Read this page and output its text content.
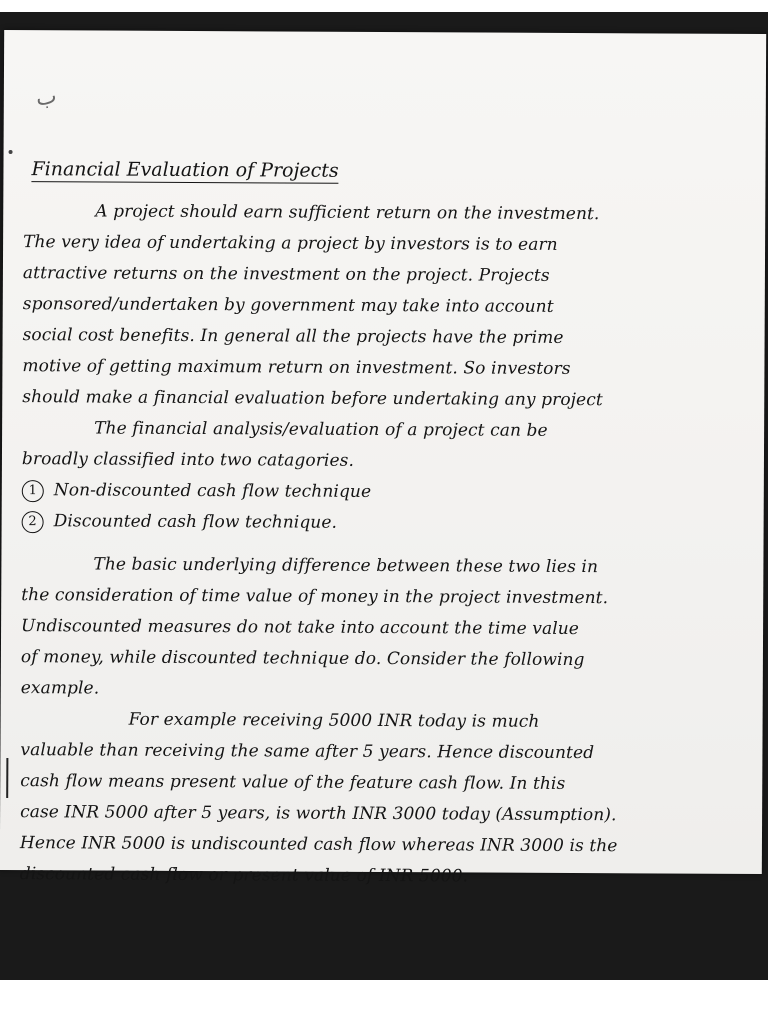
ب
Financial Evaluation of Projects
A project should earn sufficient return on the investment.
The very idea of undertaking a project by investors is to earn
attractive returns on the investment on the project. Projects
sponsored/undertaken by government may take into account
social cost benefits. In general all the projects have the prime
motive of getting maximum return on investment. So investors
should make a financial evaluation before undertaking any project
The financial analysis/evaluation of a project can be
broadly classified into two catagories.
1 Non-discounted cash flow technique
2 Discounted cash flow technique.
The basic underlying difference between these two lies in
the consideration of time value of money in the project investment.
Undiscounted measures do not take into account the time value
of money, while discounted technique do. Consider the following
example.
For example receiving 5000 INR today is much
valuable than receiving the same after 5 years. Hence discounted
cash flow means present value of the feature cash flow. In this
case INR 5000 after 5 years, is worth INR 3000 today (Assumption).
Hence INR 5000 is undiscounted cash flow whereas INR 3000 is the
discounted cash flow or present value of INR 5000.
